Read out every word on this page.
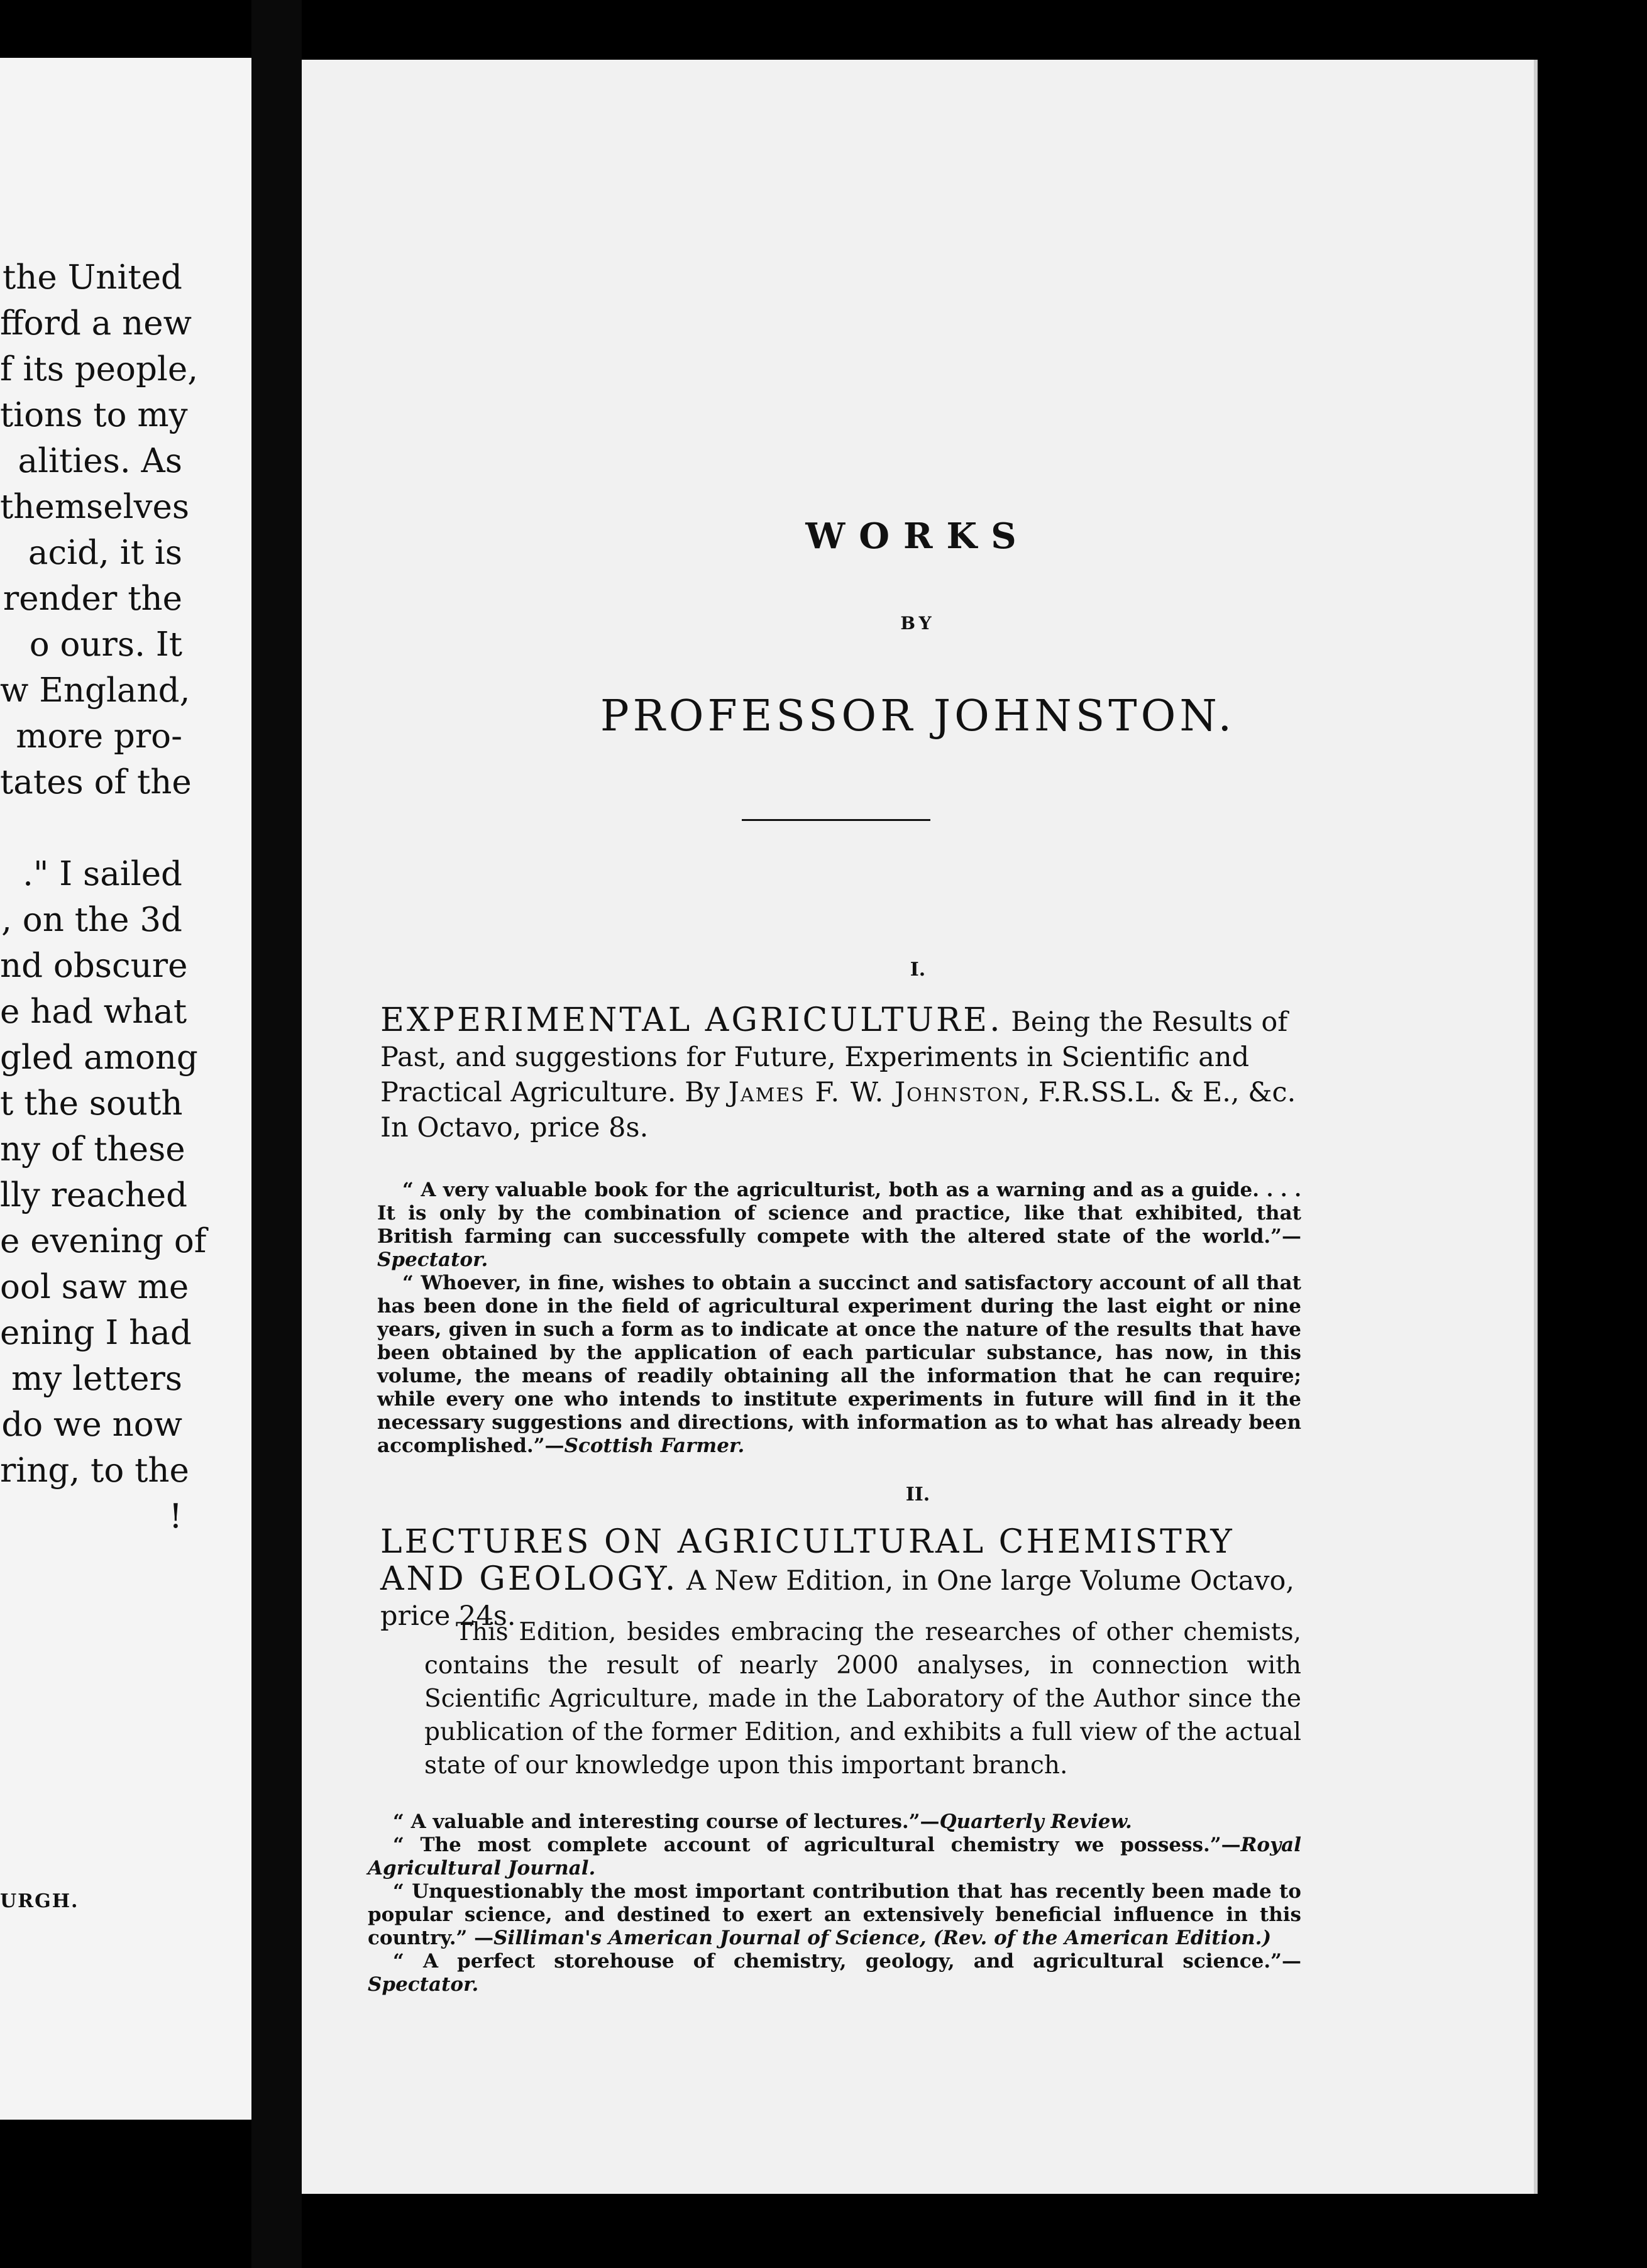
the United
fford a new
f its people,
tions to my
alities. As
themselves
acid, it is
render the
o ours. It
w England,
more pro-
tates of the
." I sailed
, on the 3d
nd obscure
e had what
gled among
t the south
ny of these
lly reached
e evening of
ool saw me
ening I had
my letters
do we now
ring, to the
!
URGH.
WORKS
BY
PROFESSOR JOHNSTON.
I.
EXPERIMENTAL AGRICULTURE. Being the Results of Past, and suggestions for Future, Experiments in Scientific and Practical Agriculture. By James F. W. Johnston, F.R.SS.L. & E., &c. In Octavo, price 8s.

“ A very valuable book for the agriculturist, both as a warning and as a guide. . . . It is only by the combination of science and practice, like that exhibited, that British farming can successfully compete with the altered state of the world.”—Spectator.

“ Whoever, in fine, wishes to obtain a succinct and satisfactory account of all that has been done in the field of agricultural experiment during the last eight or nine years, given in such a form as to indicate at once the nature of the results that have been obtained by the application of each particular substance, has now, in this volume, the means of readily obtaining all the information that he can require; while every one who intends to institute experiments in future will find in it the necessary suggestions and directions, with information as to what has already been accomplished.”—Scottish Farmer.

II.
LECTURES ON AGRICULTURAL CHEMISTRY AND GEOLOGY. A New Edition, in One large Volume Octavo, price 24s.

This Edition, besides embracing the researches of other chemists, contains the result of nearly 2000 analyses, in connection with Scientific Agriculture, made in the Laboratory of the Author since the publication of the former Edition, and exhibits a full view of the actual state of our knowledge upon this important branch.

“ A valuable and interesting course of lectures.”—Quarterly Review.

“ The most complete account of agricultural chemistry we possess.”—Royal Agricultural Journal.

“ Unquestionably the most important contribution that has recently been made to popular science, and destined to exert an extensively beneficial influence in this country.” —Silliman's American Journal of Science, (Rev. of the American Edition.)

“ A perfect storehouse of chemistry, geology, and agricultural science.”—Spectator.
